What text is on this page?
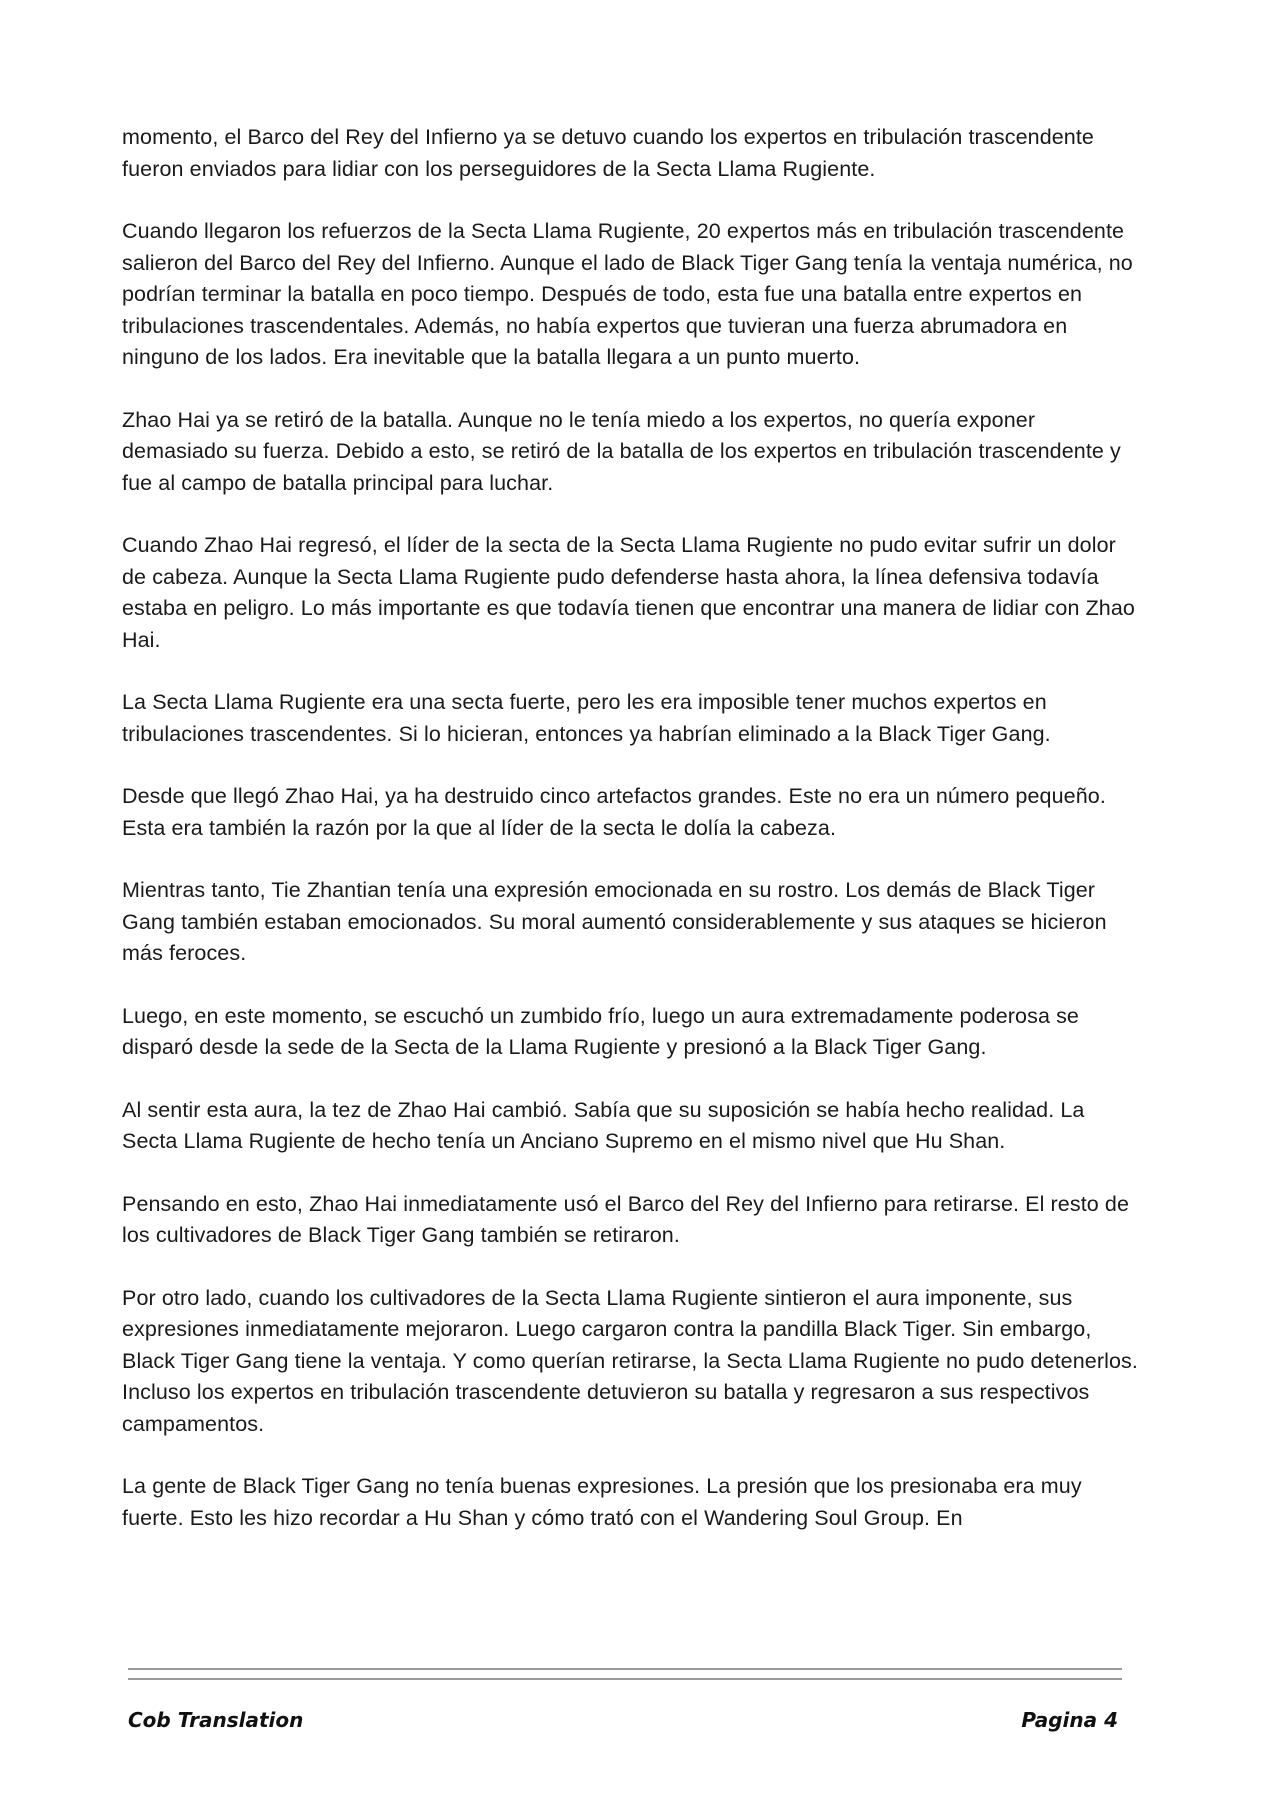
momento, el Barco del Rey del Infierno ya se detuvo cuando los expertos en tribulación trascendente fueron enviados para lidiar con los perseguidores de la Secta Llama Rugiente.

Cuando llegaron los refuerzos de la Secta Llama Rugiente, 20 expertos más en tribulación trascendente salieron del Barco del Rey del Infierno. Aunque el lado de Black Tiger Gang tenía la ventaja numérica, no podrían terminar la batalla en poco tiempo. Después de todo, esta fue una batalla entre expertos en tribulaciones trascendentales. Además, no había expertos que tuvieran una fuerza abrumadora en ninguno de los lados. Era inevitable que la batalla llegara a un punto muerto.

Zhao Hai ya se retiró de la batalla. Aunque no le tenía miedo a los expertos, no quería exponer demasiado su fuerza. Debido a esto, se retiró de la batalla de los expertos en tribulación trascendente y fue al campo de batalla principal para luchar.

Cuando Zhao Hai regresó, el líder de la secta de la Secta Llama Rugiente no pudo evitar sufrir un dolor de cabeza. Aunque la Secta Llama Rugiente pudo defenderse hasta ahora, la línea defensiva todavía estaba en peligro. Lo más importante es que todavía tienen que encontrar una manera de lidiar con Zhao Hai.

La Secta Llama Rugiente era una secta fuerte, pero les era imposible tener muchos expertos en tribulaciones trascendentes. Si lo hicieran, entonces ya habrían eliminado a la Black Tiger Gang.

Desde que llegó Zhao Hai, ya ha destruido cinco artefactos grandes. Este no era un número pequeño. Esta era también la razón por la que al líder de la secta le dolía la cabeza.

Mientras tanto, Tie Zhantian tenía una expresión emocionada en su rostro. Los demás de Black Tiger Gang también estaban emocionados. Su moral aumentó considerablemente y sus ataques se hicieron más feroces.

Luego, en este momento, se escuchó un zumbido frío, luego un aura extremadamente poderosa se disparó desde la sede de la Secta de la Llama Rugiente y presionó a la Black Tiger Gang.

Al sentir esta aura, la tez de Zhao Hai cambió. Sabía que su suposición se había hecho realidad. La Secta Llama Rugiente de hecho tenía un Anciano Supremo en el mismo nivel que Hu Shan.

Pensando en esto, Zhao Hai inmediatamente usó el Barco del Rey del Infierno para retirarse. El resto de los cultivadores de Black Tiger Gang también se retiraron.

Por otro lado, cuando los cultivadores de la Secta Llama Rugiente sintieron el aura imponente, sus expresiones inmediatamente mejoraron. Luego cargaron contra la pandilla Black Tiger. Sin embargo, Black Tiger Gang tiene la ventaja. Y como querían retirarse, la Secta Llama Rugiente no pudo detenerlos. Incluso los expertos en tribulación trascendente detuvieron su batalla y regresaron a sus respectivos campamentos.

La gente de Black Tiger Gang no tenía buenas expresiones. La presión que los presionaba era muy fuerte. Esto les hizo recordar a Hu Shan y cómo trató con el Wandering Soul Group. En

Cob Translation	Pagina 4
